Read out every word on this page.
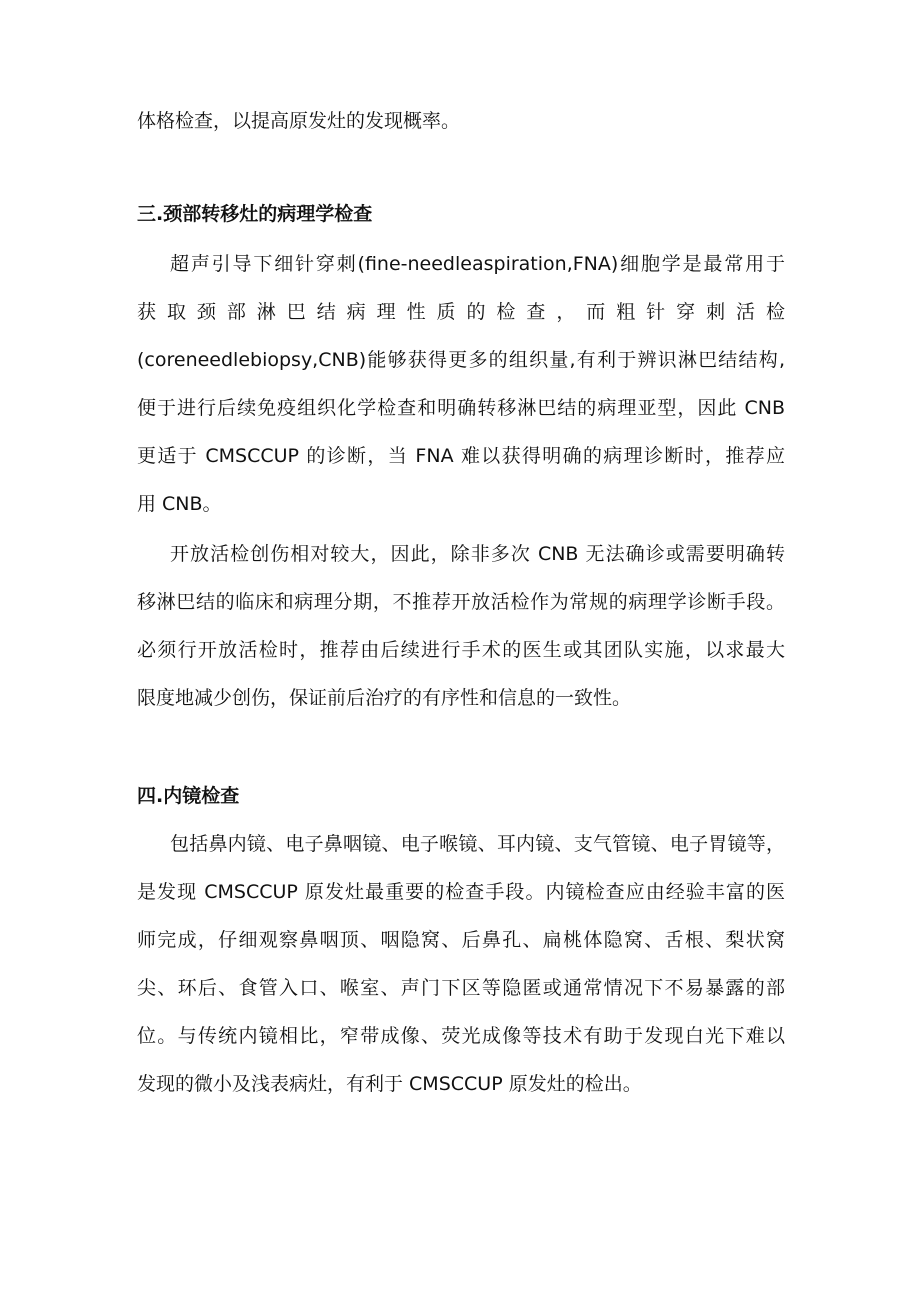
体格检查，以提高原发灶的发现概率。

三.颈部转移灶的病理学检查

超声引导下细针穿刺(fine-needleaspiration,FNA)细胞学是最常用于
获 取 颈 部 淋 巴 结 病 理 性 质 的 检 查 ， 而 粗 针 穿 刺 活 检
(coreneedlebiopsy,CNB)能够获得更多的组织量,有利于辨识淋巴结结构,
便于进行后续免疫组织化学检查和明确转移淋巴结的病理亚型，因此 CNB
更适于 CMSCCUP 的诊断，当 FNA 难以获得明确的病理诊断时，推荐应
用 CNB。

开放活检创伤相对较大，因此，除非多次 CNB 无法确诊或需要明确转
移淋巴结的临床和病理分期，不推荐开放活检作为常规的病理学诊断手段。
必须行开放活检时，推荐由后续进行手术的医生或其团队实施，以求最大
限度地减少创伤，保证前后治疗的有序性和信息的一致性。

四.内镜检查

包括鼻内镜、电子鼻咽镜、电子喉镜、耳内镜、支气管镜、电子胃镜等，
是发现 CMSCCUP 原发灶最重要的检查手段。内镜检查应由经验丰富的医
师完成，仔细观察鼻咽顶、咽隐窝、后鼻孔、扁桃体隐窝、舌根、梨状窝
尖、环后、食管入口、喉室、声门下区等隐匿或通常情况下不易暴露的部
位。与传统内镜相比，窄带成像、荧光成像等技术有助于发现白光下难以
发现的微小及浅表病灶，有利于 CMSCCUP 原发灶的检出。
